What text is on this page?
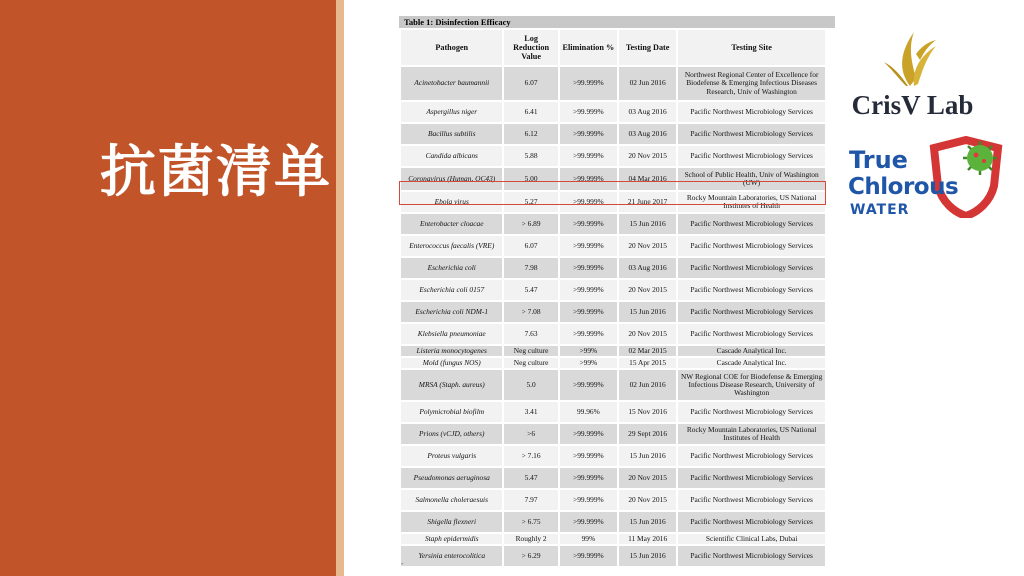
抗菌清单
Table 1: Disinfection Efficacy
Pathogen	Log Reduction Value	Elimination %	Testing Date	Testing Site
Acinetobacter baumannii	6.07	>99.999%	02 Jun 2016	Northwest Regional Center of Excellence for Biodefense & Emerging Infectious Diseases Research, Univ of Washington
Aspergillus niger	6.41	>99.999%	03 Aug 2016	Pacific Northwest Microbiology Services
Bacillus subtilis	6.12	>99.999%	03 Aug 2016	Pacific Northwest Microbiology Services
Candida albicans	5.88	>99.999%	20 Nov 2015	Pacific Northwest Microbiology Services
Coronavirus (Human, OC43)	5.00	>99.999%	04 Mar 2016	School of Public Health, Univ of Washington (UW)
Ebola virus	5.27	>99.999%	21 June 2017	Rocky Mountain Laboratories, US National Institutes of Health
Enterobacter cloacae	> 6.89	>99.999%	15 Jun 2016	Pacific Northwest Microbiology Services
Enterococcus faecalis (VRE)	6.07	>99.999%	20 Nov 2015	Pacific Northwest Microbiology Services
Escherichia coli	7.98	>99.999%	03 Aug 2016	Pacific Northwest Microbiology Services
Escherichia coli 0157	5.47	>99.999%	20 Nov 2015	Pacific Northwest Microbiology Services
Escherichia coli NDM-1	> 7.08	>99.999%	15 Jun 2016	Pacific Northwest Microbiology Services
Klebsiella pneumoniae	7.63	>99.999%	20 Nov 2015	Pacific Northwest Microbiology Services
Listeria monocytogenes	Neg culture	>99%	02 Mar 2015	Cascade Analytical Inc.
Mold (fungus NOS)	Neg culture	>99%	15 Apr 2015	Cascade Analytical Inc.
MRSA (Staph. aureus)	5.0	>99.999%	02 Jun 2016	NW Regional COE for Biodefense & Emerging Infectious Disease Research, University of Washington
Polymicrobial biofilm	3.41	99.96%	15 Nov 2016	Pacific Northwest Microbiology Services
Prions (vCJD, others)	>6	>99.999%	29 Sept 2016	Rocky Mountain Laboratories, US National Institutes of Health
Proteus vulgaris	> 7.16	>99.999%	15 Jun 2016	Pacific Northwest Microbiology Services
Pseudomonas aeruginosa	5.47	>99.999%	20 Nov 2015	Pacific Northwest Microbiology Services
Salmonella choleraesuis	7.97	>99.999%	20 Nov 2015	Pacific Northwest Microbiology Services
Shigella flexneri	> 6.75	>99.999%	15 Jun 2016	Pacific Northwest Microbiology Services
Staph epidermidis	Roughly 2	99%	11 May 2016	Scientific Clinical Labs, Dubai
Yersinia enterocolitica	> 6.29	>99.999%	15 Jun 2016	Pacific Northwest Microbiology Services
-
CrisV Lab
True
Chlorous
WATER
